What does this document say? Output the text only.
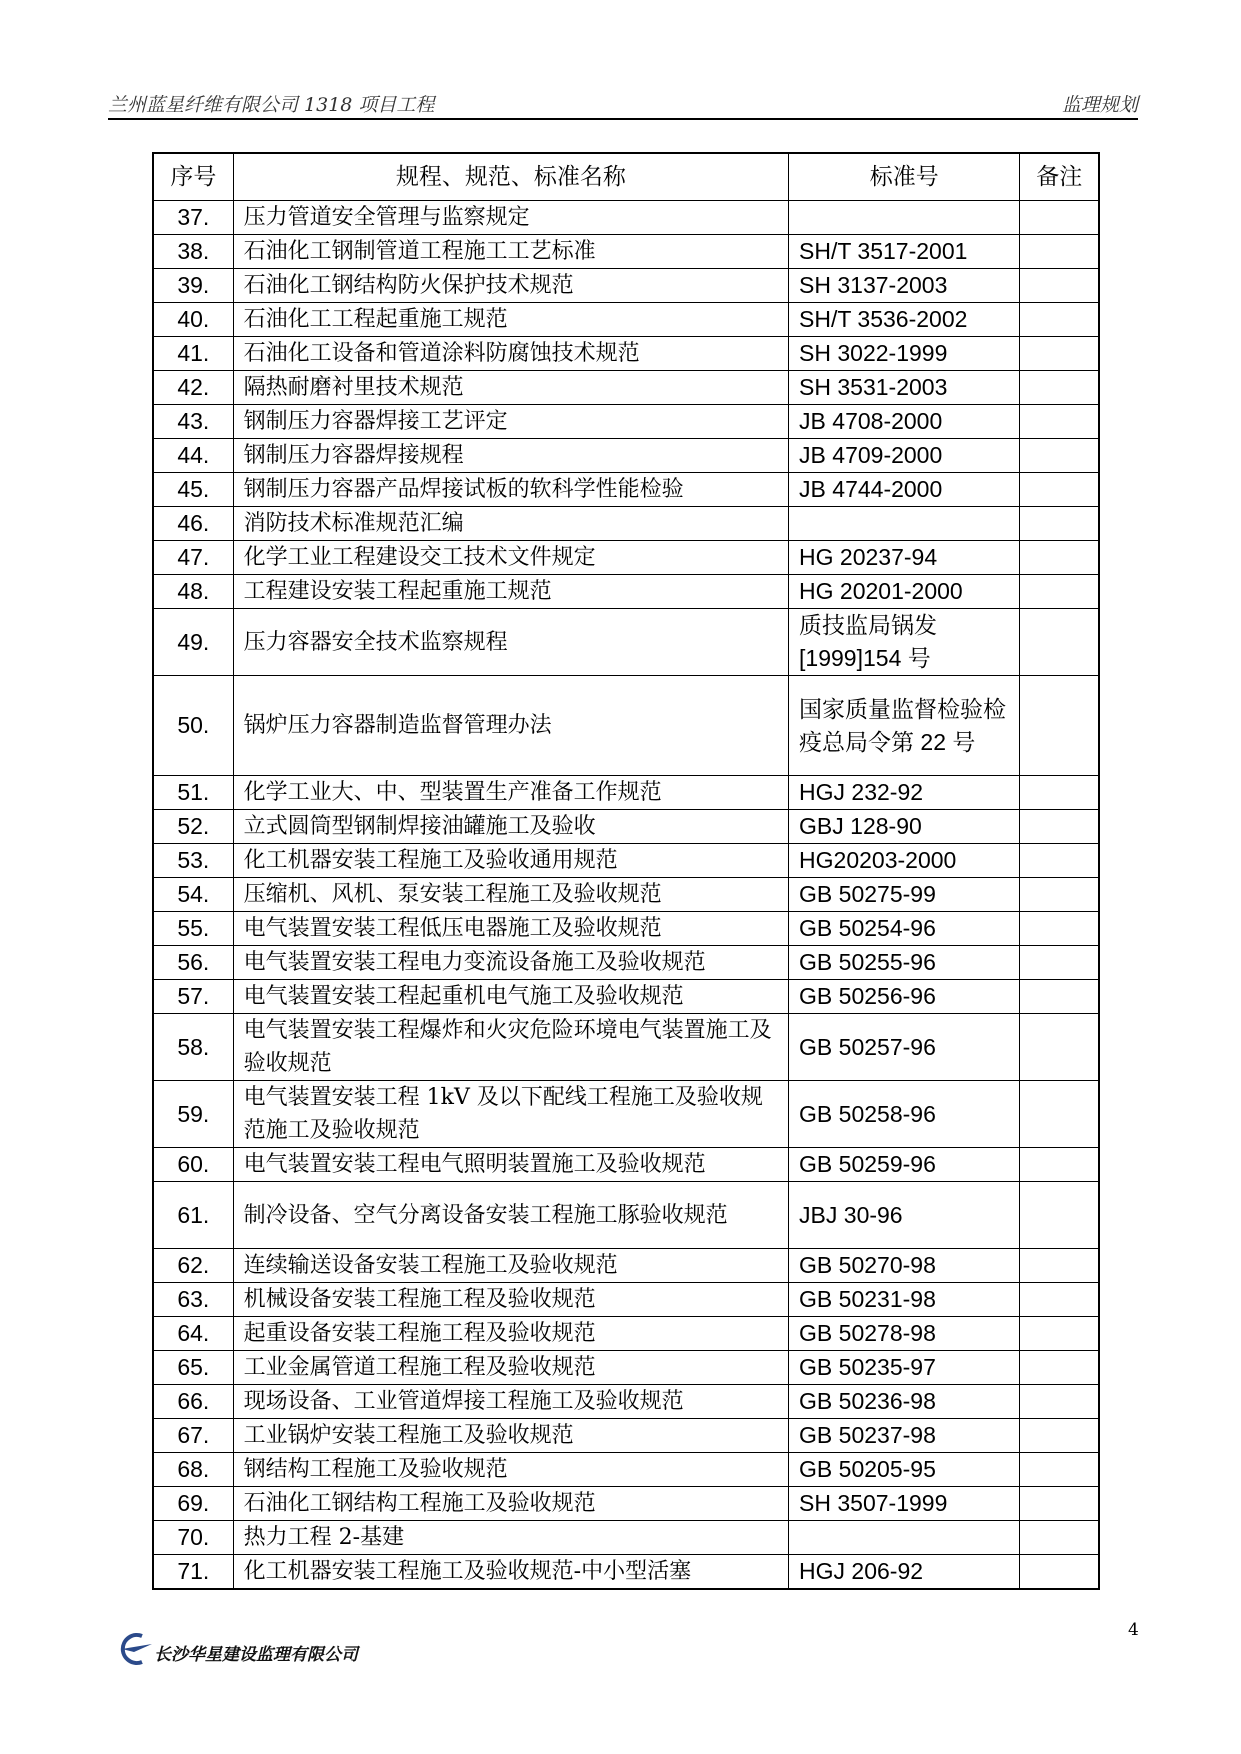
兰州蓝星纤维有限公司 1318 项目工程	监理规划
序号	规程、规范、标准名称	标准号	备注
37.	压力管道安全管理与监察规定		
38.	石油化工钢制管道工程施工工艺标准	SH/T 3517-2001	
39.	石油化工钢结构防火保护技术规范	SH 3137-2003	
40.	石油化工工程起重施工规范	SH/T 3536-2002	
41.	石油化工设备和管道涂料防腐蚀技术规范	SH 3022-1999	
42.	隔热耐磨衬里技术规范	SH 3531-2003	
43.	钢制压力容器焊接工艺评定	JB 4708-2000	
44.	钢制压力容器焊接规程	JB 4709-2000	
45.	钢制压力容器产品焊接试板的软科学性能检验	JB 4744-2000	
46.	消防技术标准规范汇编		
47.	化学工业工程建设交工技术文件规定	HG 20237-94	
48.	工程建设安装工程起重施工规范	HG 20201-2000	
49.	压力容器安全技术监察规程	质技监局锅发 [1999]154 号	
50.	锅炉压力容器制造监督管理办法	国家质量监督检验检疫总局令第 22 号	
51.	化学工业大、中、型装置生产准备工作规范	HGJ 232-92	
52.	立式圆筒型钢制焊接油罐施工及验收	GBJ 128-90	
53.	化工机器安装工程施工及验收通用规范	HG20203-2000	
54.	压缩机、风机、泵安装工程施工及验收规范	GB 50275-99	
55.	电气装置安装工程低压电器施工及验收规范	GB 50254-96	
56.	电气装置安装工程电力变流设备施工及验收规范	GB 50255-96	
57.	电气装置安装工程起重机电气施工及验收规范	GB 50256-96	
58.	电气装置安装工程爆炸和火灾危险环境电气装置施工及验收规范	GB 50257-96	
59.	电气装置安装工程 1kV 及以下配线工程施工及验收规范施工及验收规范	GB 50258-96	
60.	电气装置安装工程电气照明装置施工及验收规范	GB 50259-96	
61.	制冷设备、空气分离设备安装工程施工豚验收规范	JBJ 30-96	
62.	连续输送设备安装工程施工及验收规范	GB 50270-98	
63.	机械设备安装工程施工程及验收规范	GB 50231-98	
64.	起重设备安装工程施工程及验收规范	GB 50278-98	
65.	工业金属管道工程施工程及验收规范	GB 50235-97	
66.	现场设备、工业管道焊接工程施工及验收规范	GB 50236-98	
67.	工业锅炉安装工程施工及验收规范	GB 50237-98	
68.	钢结构工程施工及验收规范	GB 50205-95	
69.	石油化工钢结构工程施工及验收规范	SH 3507-1999	
70.	热力工程 2-基建		
71.	化工机器安装工程施工及验收规范-中小型活塞	HGJ 206-92	
4
长沙华星建设监理有限公司
